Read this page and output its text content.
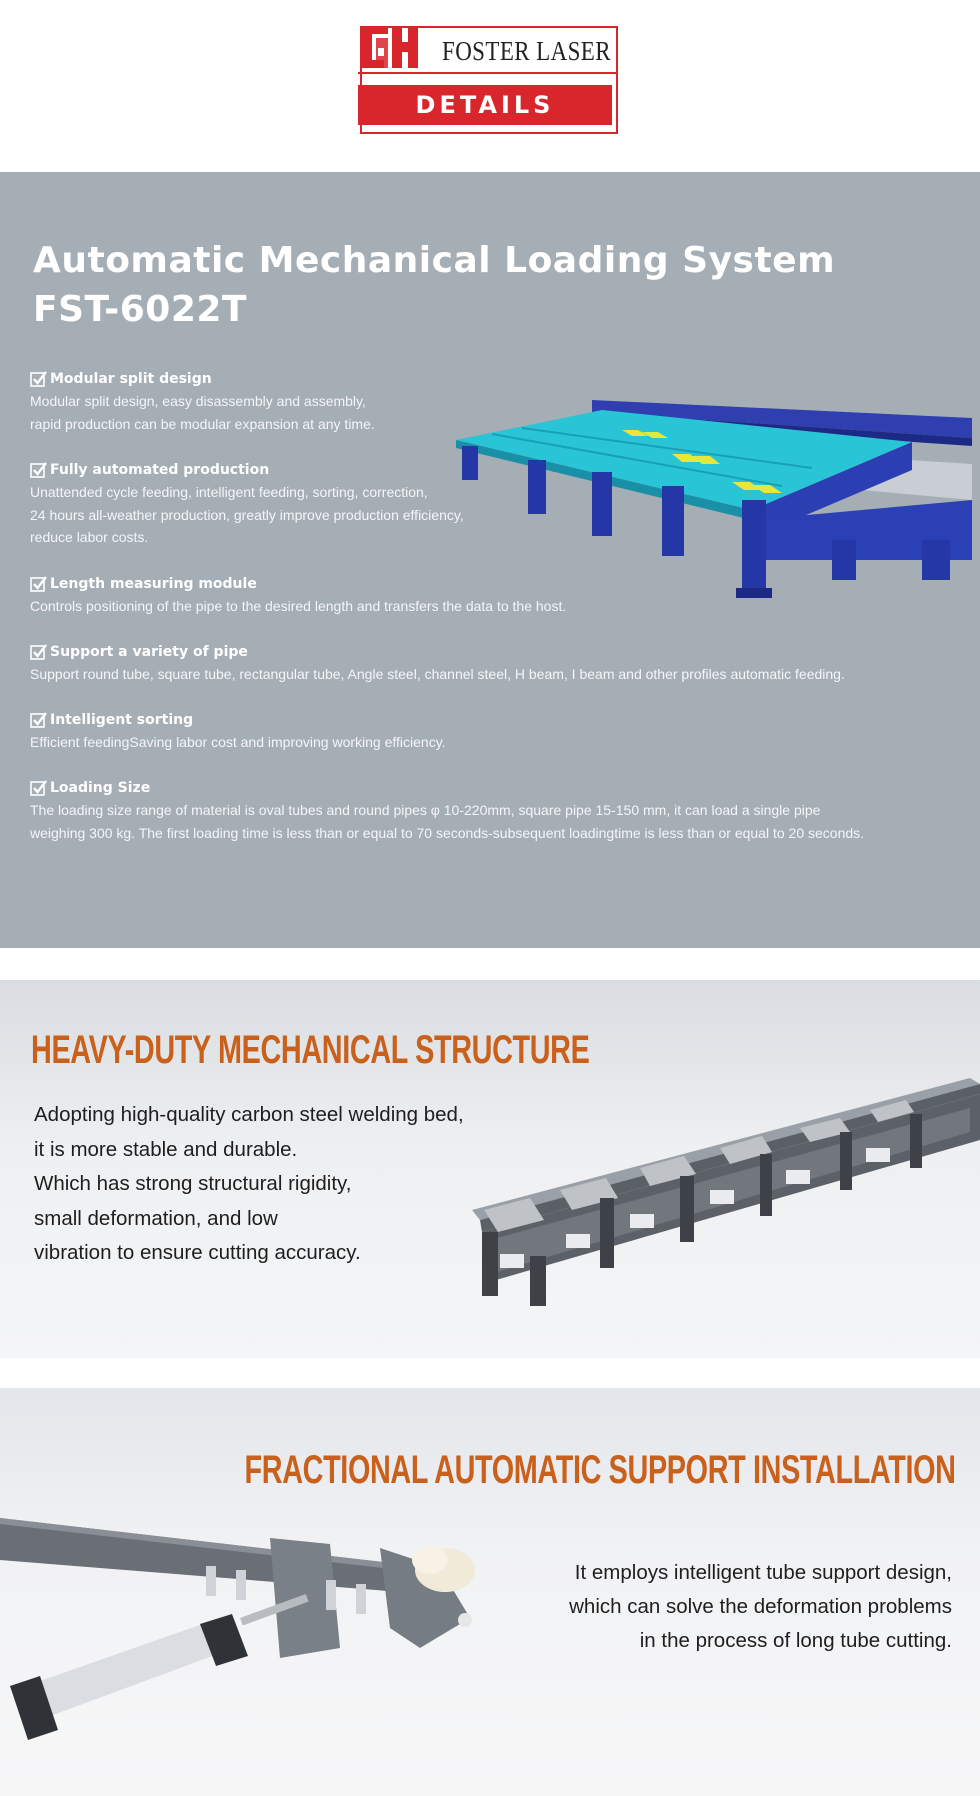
FOSTER LASER
DETAILS
Automatic Mechanical Loading System
FST-6022T
Modular split design
Modular split design, easy disassembly and assembly,
rapid production can be modular expansion at any time.
Fully automated production
Unattended cycle feeding, intelligent feeding, sorting, correction,
24 hours all-weather production, greatly improve production efficiency,
reduce labor costs.
Length measuring module
Controls positioning of the pipe to the desired length and transfers the data to the host.
Support a variety of pipe
Support round tube, square tube, rectangular tube, Angle steel, channel steel, H beam, I beam and other profiles automatic feeding.
Intelligent sorting
Efficient feedingSaving labor cost and improving working efficiency.
Loading Size
The loading size range of material is oval tubes and round pipes φ 10-220mm, square pipe 15-150 mm, it can load a single pipe
weighing 300 kg. The first loading time is less than or equal to 70 seconds-subsequent loadingtime is less than or equal to 20 seconds.
HEAVY-DUTY MECHANICAL STRUCTURE
Adopting high-quality carbon steel welding bed,
it is more stable and durable.
Which has strong structural rigidity,
small deformation, and low
vibration to ensure cutting accuracy.
FRACTIONAL AUTOMATIC SUPPORT INSTALLATION
It employs intelligent tube support design,
which can solve the deformation problems
in the process of long tube cutting.
